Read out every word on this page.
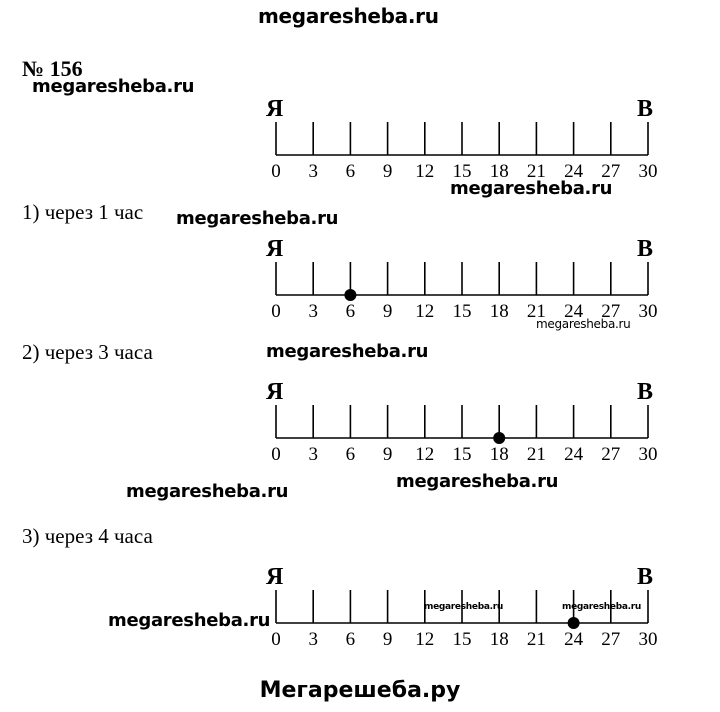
megaresheba.ru
megaresheba.ru
megaresheba.ru
megaresheba.ru
megaresheba.ru
megaresheba.ru
megaresheba.ru	megaresheba.ru
megaresheba.ru
megaresheba.ru	megaresheba.ru
№ 156
1) через 1 час
2) через 3 часа
3) через 4 часа
Я	В
0 3 6 9 12 15 18 21 24 27 30
Я	В
0 3 6 9 12 15 18 21 24 27 30
Я	В
0 3 6 9 12 15 18 21 24 27 30
Я	В
0 3 6 9 12 15 18 21 24 27 30
Мегарешеба.ру
